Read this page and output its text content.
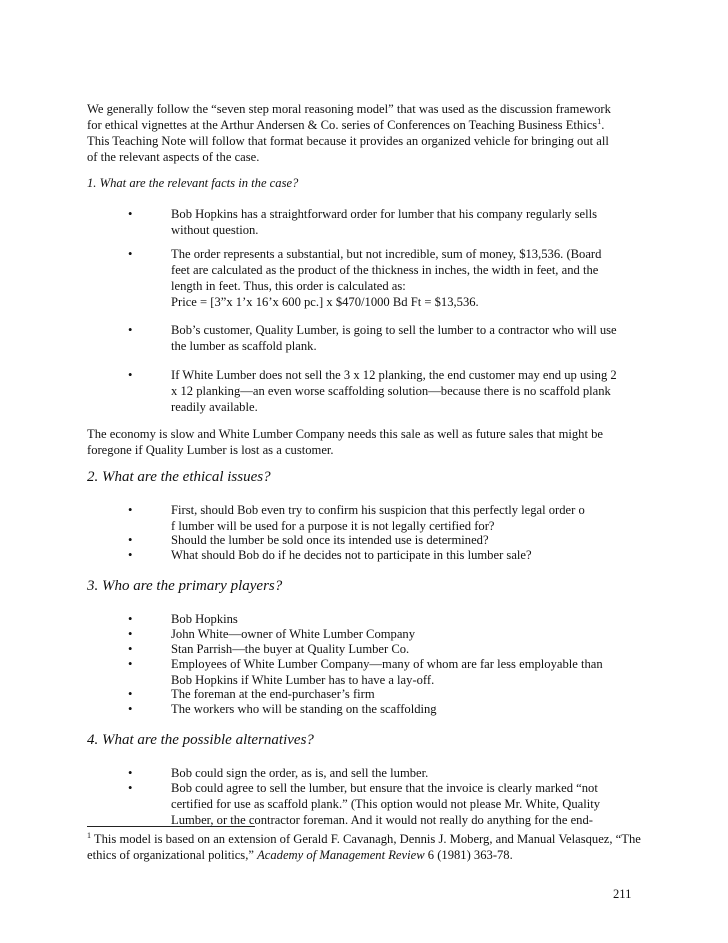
We generally follow the “seven step moral reasoning model” that was used as the discussion framework
for ethical vignettes at the Arthur Andersen & Co. series of Conferences on Teaching Business Ethics$^1$.
This Teaching Note will follow that format because it provides an organized vehicle for bringing out all
of the relevant aspects of the case.
1. What are the relevant facts in the case?
•	Bob Hopkins has a straightforward order for lumber that his company regularly sells
without question.
•	The order represents a substantial, but not incredible, sum of money, $13,536. (Board
feet are calculated as the product of the thickness in inches, the width in feet, and the
length in feet. Thus, this order is calculated as:
Price = [3”x 1’x 16’x 600 pc.] x $470/1000 Bd Ft = $13,536.
•	Bob’s customer, Quality Lumber, is going to sell the lumber to a contractor who will use
the lumber as scaffold plank.
•	If White Lumber does not sell the 3 x 12 planking, the end customer may end up using 2
x 12 planking—an even worse scaffolding solution—because there is no scaffold plank
readily available.
The economy is slow and White Lumber Company needs this sale as well as future sales that might be
foregone if Quality Lumber is lost as a customer.
2. What are the ethical issues?
•	First, should Bob even try to confirm his suspicion that this perfectly legal order o
f lumber will be used for a purpose it is not legally certified for?
•	Should the lumber be sold once its intended use is determined?
•	What should Bob do if he decides not to participate in this lumber sale?
3. Who are the primary players?
•	Bob Hopkins
•	John White—owner of White Lumber Company
•	Stan Parrish—the buyer at Quality Lumber Co.
•	Employees of White Lumber Company—many of whom are far less employable than
Bob Hopkins if White Lumber has to have a lay-off.
•	The foreman at the end-purchaser’s firm
•	The workers who will be standing on the scaffolding
4. What are the possible alternatives?
•	Bob could sign the order, as is, and sell the lumber.
•	Bob could agree to sell the lumber, but ensure that the invoice is clearly marked “not
certified for use as scaffold plank.” (This option would not please Mr. White, Quality
Lumber, or the contractor foreman. And it would not really do anything for the end-
$^1$ This model is based on an extension of Gerald F. Cavanagh, Dennis J. Moberg, and Manual Velasquez, “The
ethics of organizational politics,” Academy of Management Review 6 (1981) 363-78.
211
